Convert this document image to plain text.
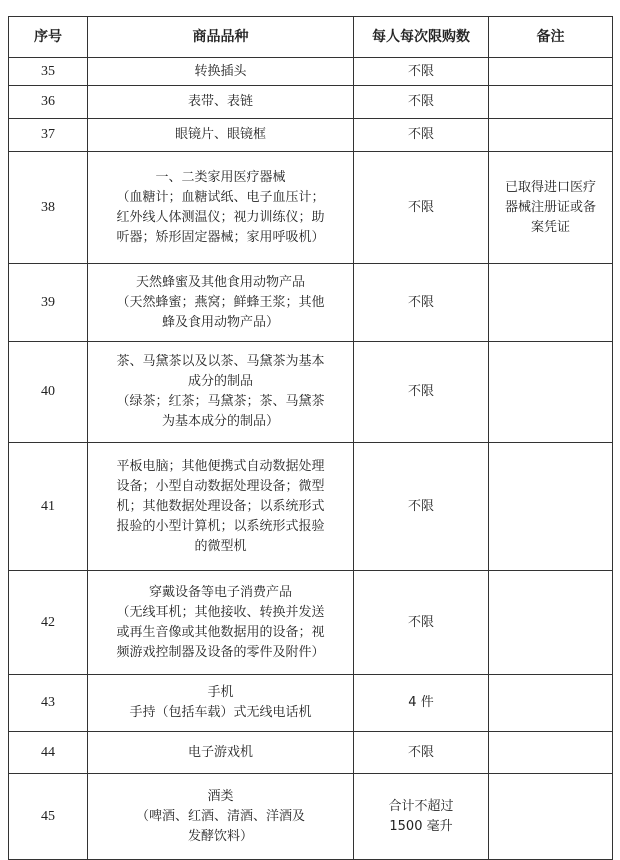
序号	商品品种	每人每次限购数	备注
35	转换插头	不限	

36	表带、表链	不限	

37	眼镜片、眼镜框	不限	

38	一、二类家用医疗器械
（血糖计；血糖试纸、电子血压计；
红外线人体测温仪；视力训练仪；助
听器；矫形固定器械；家用呼吸机）	不限	已取得进口医疗
器械注册证或备
案凭证

39	天然蜂蜜及其他食用动物产品
（天然蜂蜜；燕窝；鲜蜂王浆；其他
蜂及食用动物产品）	不限	

40	茶、马黛茶以及以茶、马黛茶为基本
成分的制品
（绿茶；红茶；马黛茶；茶、马黛茶
为基本成分的制品）	不限	

41	平板电脑；其他便携式自动数据处理
设备；小型自动数据处理设备；微型
机；其他数据处理设备；以系统形式
报验的小型计算机；以系统形式报验
的微型机	不限	

42	穿戴设备等电子消费产品
（无线耳机；其他接收、转换并发送
或再生音像或其他数据用的设备；视
频游戏控制器及设备的零件及附件）	不限	

43	手机
手持（包括车载）式无线电话机	4 件	

44	电子游戏机	不限	

45	酒类
（啤酒、红酒、清酒、洋酒及
发酵饮料）	合计不超过
1500 毫升	
